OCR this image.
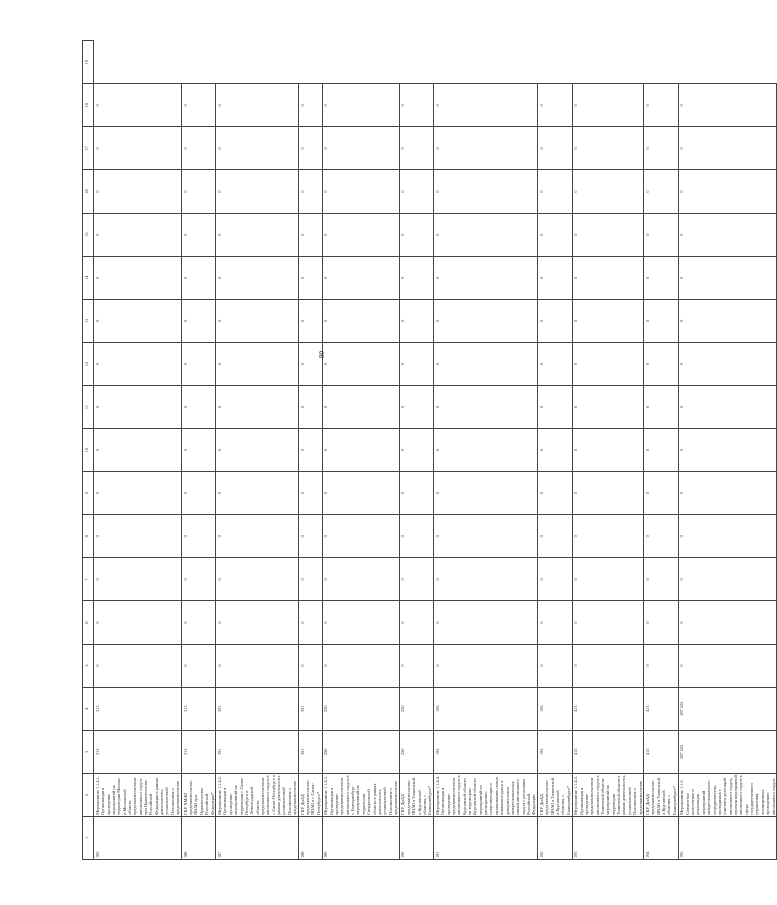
90
1	2	3	4	5	6	7	8	9	10	11	12	13	14	15	16	17	18	19
185	Мероприятие 1.1.4.1. Организация и проведение мероприятий на территории Москвы и Московской области представительством автономного округа при Правительстве Российской Федерации в рамках деятельности, установленной Положением о представительстве	313	313	0	0	0	0	0	0	0	0	0	0	0	0	0	0	
186	ГКУ ХМАО представительство ЯНАО при Правительстве Российской Федерации*	313	313	0	0	0	0	0	0	0	0	0	0	0	0	0	0	
187	Мероприятие 1.1.4.2. Организация и проведение мероприятий на территории г. Санкт-Петербурга и Ленинградской области представительством автономного округа в г. Санкт-Петербурге в рамках деятельности, установленной Положением о представительстве	391	391	0	0	0	0	0	0	0	0	0	0	0	0	0	0	
188	ГКУ ДиАД представительство ЯНАО в г. Санкт-Петербурге*	391	391	0	0	0	0	0	0	0	0	0	0	0	0	0	0	
189	Мероприятие 1.1.4.3. Организация и проведение представительством автономного округа в г. Екатеринбург мероприятий на территории Свердловской области в рамках деятельности, установленной Положением о представительстве	250	250	0	0	0	0	0	0	0	0	0	0	0	0	0	0	
190	ГКУ ДиАД представительство ЯНАО в Тюменской и Курганской областях, г. Екатеринбурге*	250	250	0	0	0	0	0	0	0	0	0	0	0	0	0	0	
191	Мероприятие 1.1.4.4. Организация и проведение представительством автономного округа в Курганской области на территории Курганской области мероприятий по расширению существующих и налаживанию новых взаимовыгодных и доверительных межрегиональных связей автономного округа с регионами Российской Федерации	195	195	0	0	0	0	0	0	0	0	0	0	0	0	0	0	
192	ГКУ ДиАД представительство ЯНАО в Тюменской и Курганской областях, г. Екатеринбурге*	195	195	0	0	0	0	0	0	0	0	0	0	0	0	0	0	
193	Мероприятие 1.1.4.5. Организация и проведение представительством автономного округа в Тюменской области мероприятий на территории Тюменской области в рамках деятельности, установленной Положением о представительстве	415	415	0	0	0	0	0	0	0	0	0	0	0	0	0	0	
194	ГКУ ДиАД представительство ЯНАО в Тюменской и Курганской областях, г. Екатеринбурге*	415	415	0	0	0	0	0	0	0	0	0	0	0	0	0	0	
195	Мероприятие 1.1.5. Совместное выполнение и реализация мероприятий межрегионального сотрудничества, проводимых с участием делегаций автономного округа, перечня мероприятий автономного округа в сфере государственного управления, посвященных проведению автономного округа	287 525	287 525	0	0	0	0	0	0	0	0	0	0	0	0	0	0	
